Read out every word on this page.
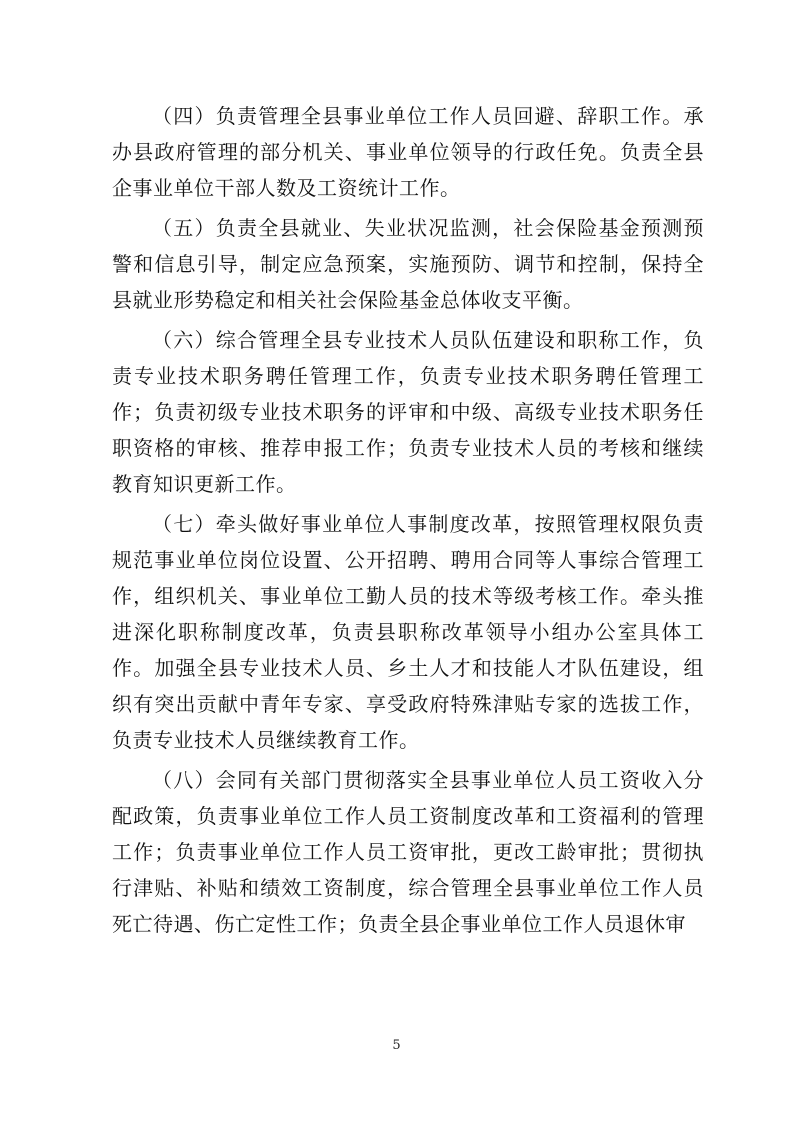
（四）负责管理全县事业单位工作人员回避、辞职工作。承办县政府管理的部分机关、事业单位领导的行政任免。负责全县企事业单位干部人数及工资统计工作。

（五）负责全县就业、失业状况监测，社会保险基金预测预警和信息引导，制定应急预案，实施预防、调节和控制，保持全县就业形势稳定和相关社会保险基金总体收支平衡。

（六）综合管理全县专业技术人员队伍建设和职称工作，负责专业技术职务聘任管理工作，负责专业技术职务聘任管理工作；负责初级专业技术职务的评审和中级、高级专业技术职务任职资格的审核、推荐申报工作；负责专业技术人员的考核和继续教育知识更新工作。

（七）牵头做好事业单位人事制度改革，按照管理权限负责规范事业单位岗位设置、公开招聘、聘用合同等人事综合管理工作，组织机关、事业单位工勤人员的技术等级考核工作。牵头推进深化职称制度改革，负责县职称改革领导小组办公室具体工作。加强全县专业技术人员、乡土人才和技能人才队伍建设，组织有突出贡献中青年专家、享受政府特殊津贴专家的选拔工作，负责专业技术人员继续教育工作。

（八）会同有关部门贯彻落实全县事业单位人员工资收入分配政策，负责事业单位工作人员工资制度改革和工资福利的管理工作；负责事业单位工作人员工资审批，更改工龄审批；贯彻执行津贴、补贴和绩效工资制度，综合管理全县事业单位工作人员死亡待遇、伤亡定性工作；负责全县企事业单位工作人员退休审

5
